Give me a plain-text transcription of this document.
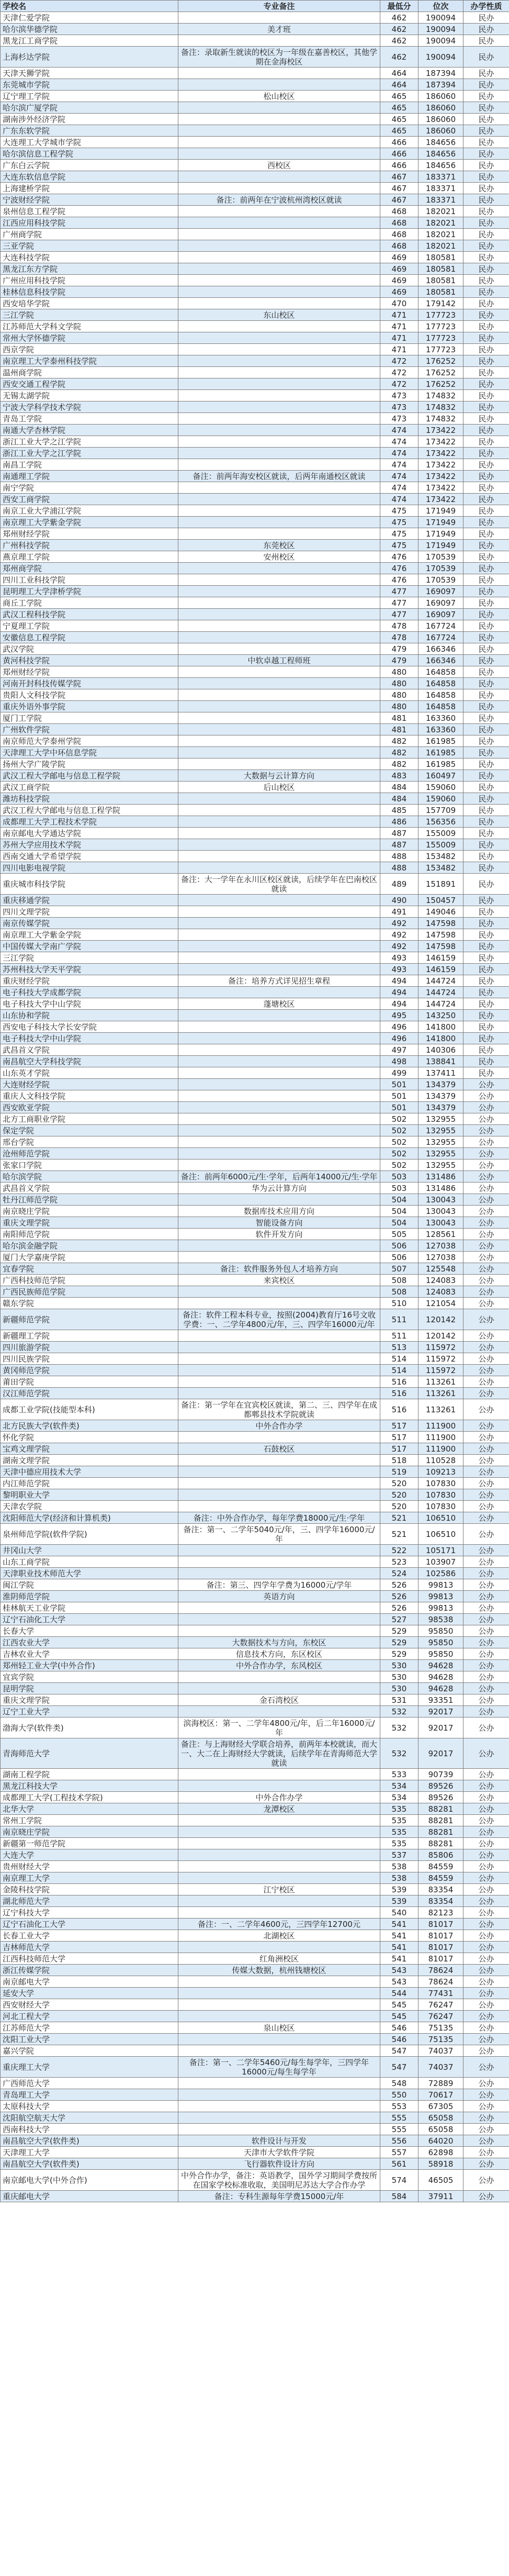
学校名	专业备注	最低分	位次	办学性质
天津仁爱学院		462	190094	民办
哈尔滨华德学院	美才班	462	190094	民办
黑龙江工商学院		462	190094	民办
上海杉达学院	备注：录取新生就读的校区为一年级在嘉善校区，其他学期在金海校区	462	190094	民办
天津天狮学院		464	187394	民办
东莞城市学院		464	187394	民办
辽宁理工学院	松山校区	465	186060	民办
哈尔滨广厦学院		465	186060	民办
湖南涉外经济学院		465	186060	民办
广东东软学院		465	186060	民办
大连理工大学城市学院		466	184656	民办
哈尔滨信息工程学院		466	184656	民办
广东白云学院	西校区	466	184656	民办
大连东软信息学院		467	183371	民办
上海建桥学院		467	183371	民办
宁波财经学院	备注：前两年在宁波杭州湾校区就读	467	183371	民办
泉州信息工程学院		468	182021	民办
江西应用科技学院		468	182021	民办
广州商学院		468	182021	民办
三亚学院		468	182021	民办
大连科技学院		469	180581	民办
黑龙江东方学院		469	180581	民办
广州应用科技学院		469	180581	民办
桂林信息科技学院		469	180581	民办
西安培华学院		470	179142	民办
三江学院	东山校区	471	177723	民办
江苏师范大学科文学院		471	177723	民办
常州大学怀德学院		471	177723	民办
西京学院		471	177723	民办
南京理工大学泰州科技学院		472	176252	民办
温州商学院		472	176252	民办
西安交通工程学院		472	176252	民办
无锡太湖学院		473	174832	民办
宁波大学科学技术学院		473	174832	民办
青岛工学院		473	174832	民办
南通大学杏林学院		474	173422	民办
浙江工业大学之江学院		474	173422	民办
浙江工业大学之江学院		474	173422	民办
南昌工学院		474	173422	民办
南通理工学院	备注：前两年海安校区就读，后两年南通校区就读	474	173422	民办
南宁学院		474	173422	民办
西安工商学院		474	173422	民办
南京工业大学浦江学院		475	171949	民办
南京理工大学紫金学院		475	171949	民办
郑州财经学院		475	171949	民办
广州科技学院	东莞校区	475	171949	民办
燕京理工学院	安州校区	476	170539	民办
郑州商学院		476	170539	民办
四川工业科技学院		476	170539	民办
昆明理工大学津桥学院		477	169097	民办
商丘工学院		477	169097	民办
武汉工程科技学院		477	169097	民办
宁夏理工学院		478	167724	民办
安徽信息工程学院		478	167724	民办
武汉学院		479	166346	民办
黄河科技学院	中软卓越工程师班	479	166346	民办
郑州财经学院		480	164858	民办
河南开封科技传媒学院		480	164858	民办
贵阳人文科技学院		480	164858	民办
重庆外语外事学院		480	164858	民办
厦门工学院		481	163360	民办
广州软件学院		481	163360	民办
南京师范大学泰州学院		482	161985	民办
天津理工大学中环信息学院		482	161985	民办
扬州大学广陵学院		482	161985	民办
武汉工程大学邮电与信息工程学院	大数据与云计算方向	483	160497	民办
武汉工商学院	后山校区	484	159060	民办
潍坊科技学院		484	159060	民办
武汉工程大学邮电与信息工程学院		485	157709	民办
成都理工大学工程技术学院		486	156356	民办
南京邮电大学通达学院		487	155009	民办
苏州大学应用技术学院		487	155009	民办
西南交通大学希望学院		488	153482	民办
四川电影电视学院		488	153482	民办
重庆城市科技学院	备注：大一学年在永川区校区就读，后续学年在巴南校区就读	489	151891	民办
重庆移通学院		490	150457	民办
四川文理学院		491	149046	民办
南京传媒学院		492	147598	民办
南京理工大学紫金学院		492	147598	民办
中国传媒大学南广学院		492	147598	民办
三江学院		493	146159	民办
苏州科技大学天平学院		493	146159	民办
重庆财经学院	备注：培养方式详见招生章程	494	144724	民办
电子科技大学成都学院		494	144724	民办
电子科技大学中山学院	蓬塘校区	494	144724	民办
山东协和学院		495	143250	民办
西安电子科技大学长安学院		496	141800	民办
电子科技大学中山学院		496	141800	民办
武昌首义学院		497	140306	民办
南昌航空大学科技学院		498	138841	民办
山东英才学院		499	137411	民办
大连财经学院		501	134379	公办
重庆人文科技学院		501	134379	公办
西安欧亚学院		501	134379	公办
北方工商职业学院		502	132955	公办
保定学院		502	132955	公办
邢台学院		502	132955	公办
沧州师范学院		502	132955	公办
张家口学院		502	132955	公办
哈尔滨学院	备注：前两年6000元/生·学年，后两年14000元/生·学年	503	131486	公办
武昌首义学院	华为云计算方向	503	131486	公办
牡丹江师范学院		504	130043	公办
南京晓庄学院	数据库技术应用方向	504	130043	公办
重庆文理学院	智能设备方向	504	130043	公办
南阳师范学院	软件开发方向	505	128561	公办
哈尔滨金融学院		506	127038	公办
厦门大学嘉庚学院		506	127038	公办
宜春学院	备注：软件服务外包人才培养方向	507	125548	公办
广西科技师范学院	来宾校区	508	124083	公办
广西民族师范学院		508	124083	公办
赣东学院		510	121054	公办
新疆师范学院	备注：软件工程本科专业，按照(2004)教育厅16号文收学费：一、二学年4800元/年，三、四学年16000元/年	511	120142	公办
新疆理工学院		511	120142	公办
四川旅游学院		513	115972	公办
四川民族学院		514	115972	公办
黄冈师范学院		514	115972	公办
莆田学院		516	113261	公办
汉江师范学院		516	113261	公办
成都工业学院(技能型本科)	备注：第一学年在宜宾校区就读，第二、三、四学年在成都郫县技术学院就读	516	113261	公办
北方民族大学(软件类)	中外合作办学	517	111900	公办
怀化学院		517	111900	公办
宝鸡文理学院	石鼓校区	517	111900	公办
湖南文理学院		518	110528	公办
天津中德应用技术大学		519	109213	公办
内江师范学院		520	107830	公办
黎明职业大学		520	107830	公办
天津农学院		520	107830	公办
沈阳师范大学(经济和计算机类)	备注：中外合作办学，每年学费18000元/生·学年	521	106510	公办
泉州师范学院(软件学院)	备注：第一、二学年5040元/年，三、四学年16000元/年	521	106510	公办
井冈山大学		522	105171	公办
山东工商学院		523	103907	公办
天津职业技术师范大学		524	102586	公办
闽江学院	备注：第三、四学年学费为16000元/学年	526	99813	公办
淮阴师范学院	英语方向	526	99813	公办
桂林航天工业学院		526	99813	公办
辽宁石油化工大学		527	98538	公办
长春大学		529	95850	公办
江西农业大学	大数据技术与方向，东校区	529	95850	公办
吉林农业大学	信息技术方向，东区校区	529	95850	公办
郑州轻工业大学(中外合作)	中外合作办学，东风校区	530	94628	公办
宜宾学院		530	94628	公办
昆明学院		530	94628	公办
重庆文理学院	金石湾校区	531	93351	公办
辽宁工业大学		532	92017	公办
渤海大学(软件类)	滨海校区：第一、二学年4800元/年，后二年16000元/年	532	92017	公办
青海师范大学	备注：与上海财经大学联合培养，前两年本校就读，而大一、大二在上海财经大学就读，后续学年在青海师范大学就读	532	92017	公办
湖南工程学院		533	90739	公办
黑龙江科技大学		534	89526	公办
成都理工大学(工程技术学院)	中外合作办学	534	89526	公办
北华大学	龙潭校区	535	88281	公办
常州工学院		535	88281	公办
南京晓庄学院		535	88281	公办
新疆第一师范学院		535	88281	公办
大连大学		537	85806	公办
贵州财经大学		538	84559	公办
南京理工大学		538	84559	公办
金陵科技学院	江宁校区	539	83354	公办
湖北师范大学		539	83354	公办
辽宁科技大学		540	82123	公办
辽宁石油化工大学	备注：一、二学年4600元，三四学年12700元	541	81017	公办
长春工业大学	北湖校区	541	81017	公办
吉林师范大学		541	81017	公办
江西科技师范大学	红角洲校区	541	81017	公办
浙江传媒学院	传媒大数据，杭州钱塘校区	543	78624	公办
南京邮电大学		543	78624	公办
延安大学		544	77431	公办
西安财经大学		545	76247	公办
河北工程大学		545	76247	公办
江苏师范大学	泉山校区	546	75135	公办
沈阳工业大学		546	75135	公办
嘉兴学院		547	74037	公办
重庆理工大学	备注：第一、二学年5460元/每生每学年，三四学年16000元/每生每学年	547	74037	公办
广西师范大学		548	72889	公办
青岛理工大学		550	70617	公办
太原科技大学		553	67305	公办
沈阳航空航天大学		555	65058	公办
西南科技大学		555	65058	公办
南昌航空大学(软件类)	软件设计与开发	556	64020	公办
天津理工大学	天津市大学软件学院	557	62898	公办
南昌航空大学(软件类)	飞行器软件设计方向	561	58918	公办
南京邮电大学(中外合作)	中外合作办学，备注：英语教学，国外学习期间学费按所在国家学校标准收取，美国明尼苏达大学合作办学	574	46505	公办
重庆邮电大学	备注：专科生源每年学费15000元/年	584	37911	公办
